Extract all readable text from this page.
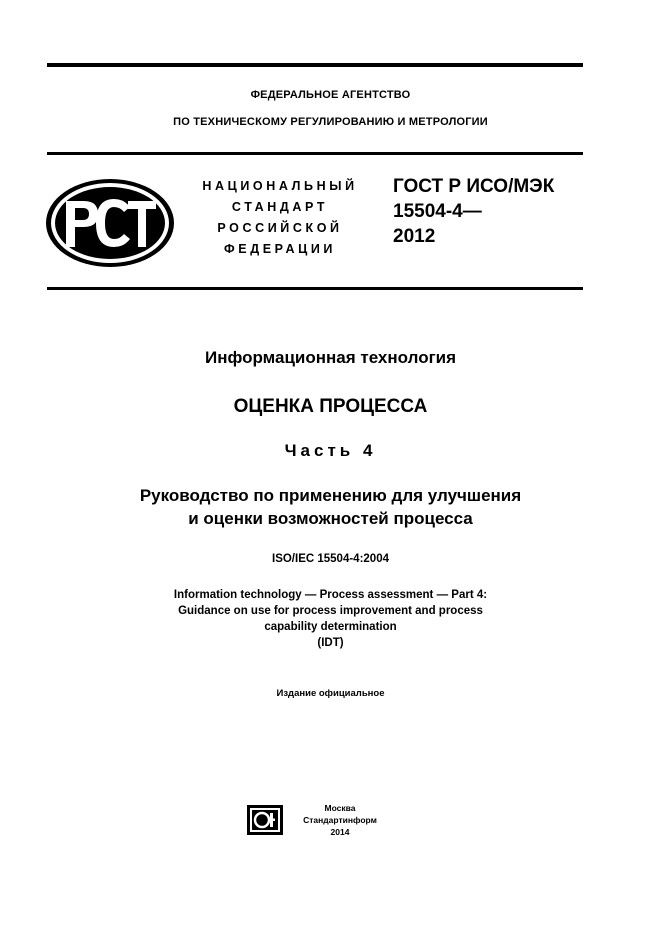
ФЕДЕРАЛЬНОЕ АГЕНТСТВО
ПО ТЕХНИЧЕСКОМУ РЕГУЛИРОВАНИЮ И МЕТРОЛОГИИ
НАЦИОНАЛЬНЫЙ
СТАНДАРТ
РОССИЙСКОЙ
ФЕДЕРАЦИИ
ГОСТ Р ИСО/МЭК
15504-4—
2012
Информационная технология
ОЦЕНКА ПРОЦЕССА
Часть 4
Руководство по применению для улучшения
и оценки возможностей процесса
ISO/IEC 15504-4:2004
Information technology — Process assessment — Part 4:
Guidance on use for process improvement and process
capability determination
(IDT)
Издание официальное
Москва
Стандартинформ
2014
